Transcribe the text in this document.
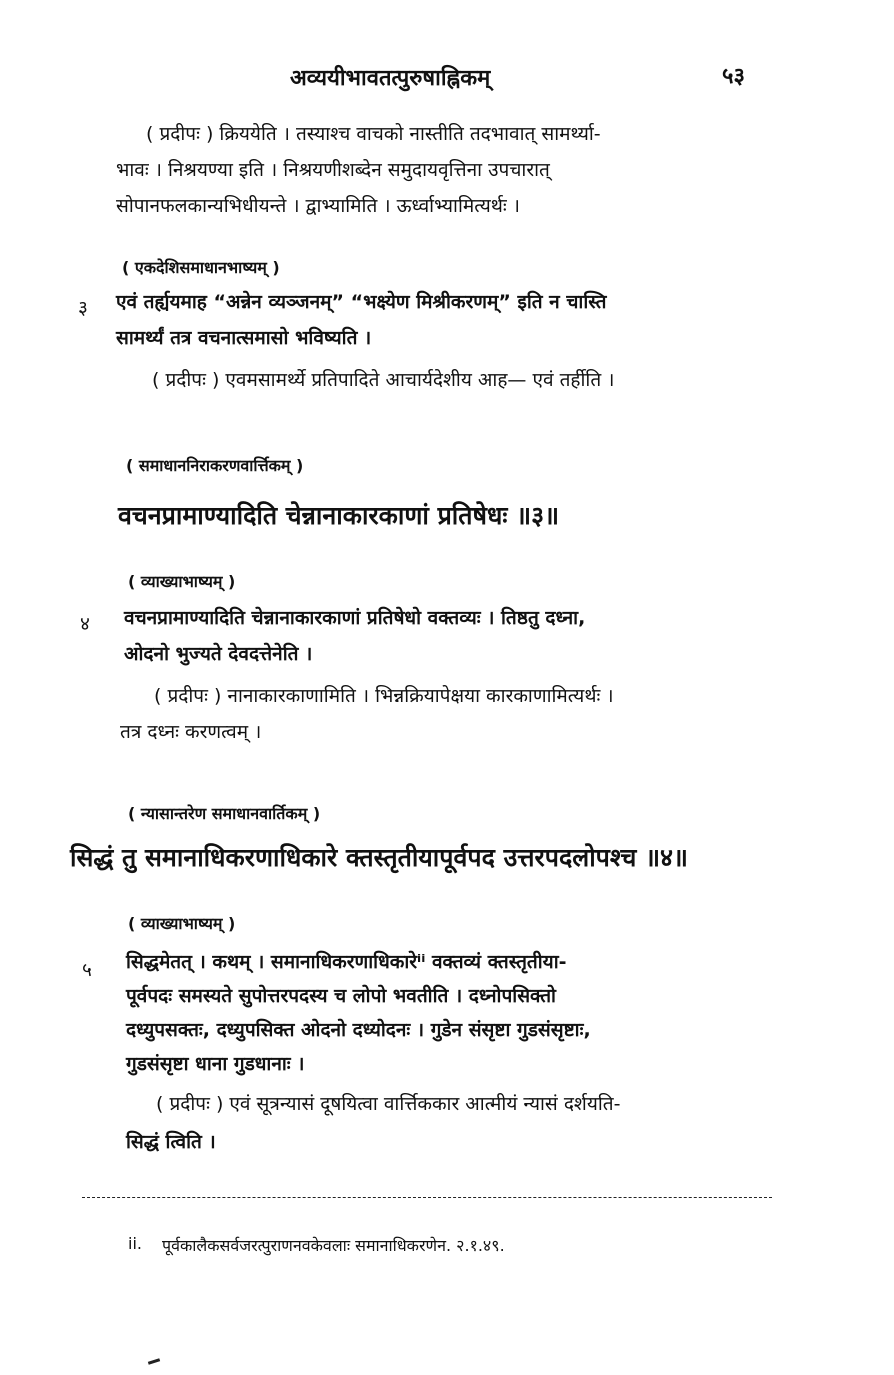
अव्ययीभावतत्पुरुषाह्निकम्	५३
( प्रदीपः ) क्रिययेति । तस्याश्च वाचको नास्तीति तदभावात् सामर्थ्या-
भावः । निश्रयण्या इति । निश्रयणीशब्देन समुदायवृत्तिना उपचारात्
सोपानफलकान्यभिधीयन्ते । द्वाभ्यामिति । ऊर्ध्वाभ्यामित्यर्थः ।
( एकदेशिसमाधानभाष्यम् )
३ एवं तर्ह्ययमाह “अन्नेन व्यञ्जनम्” “भक्ष्येण मिश्रीकरणम्” इति न चास्ति
सामर्थ्यं तत्र वचनात्समासो भविष्यति ।
( प्रदीपः ) एवमसामर्थ्ये प्रतिपादिते आचार्यदेशीय आह— एवं तर्हीति ।
( समाधाननिराकरणवार्त्तिकम् )
वचनप्रामाण्यादिति चेन्नानाकारकाणां प्रतिषेधः ॥३॥
( व्याख्याभाष्यम् )
४ वचनप्रामाण्यादिति चेन्नानाकारकाणां प्रतिषेधो वक्तव्यः । तिष्ठतु दध्ना,
ओदनो भुज्यते देवदत्तेनेति ।
( प्रदीपः ) नानाकारकाणामिति । भिन्नक्रियापेक्षया कारकाणामित्यर्थः ।
तत्र दध्नः करणत्वम् ।
( न्यासान्तरेण समाधानवार्तिकम् )
सिद्धं तु समानाधिकरणाधिकारे क्तस्तृतीयापूर्वपद उत्तरपदलोपश्च ॥४॥
( व्याख्याभाष्यम् )
५ सिद्धमेतत् । कथम् । समानाधिकरणाधिकारेⁱⁱ वक्तव्यं क्तस्तृतीया-
पूर्वपदः समस्यते सुपोत्तरपदस्य च लोपो भवतीति । दध्नोपसिक्तो
दध्युपसक्तः, दध्युपसिक्त ओदनो दध्योदनः । गुडेन संसृष्टा गुडसंसृष्टाः,
गुडसंसृष्टा धाना गुडधानाः ।
( प्रदीपः ) एवं सूत्रन्यासं दूषयित्वा वार्त्तिककार आत्मीयं न्यासं दर्शयति-
सिद्धं त्विति ।
ii. पूर्वकालैकसर्वजरत्पुराणनवकेवलाः समानाधिकरणेन. २.१.४९.
